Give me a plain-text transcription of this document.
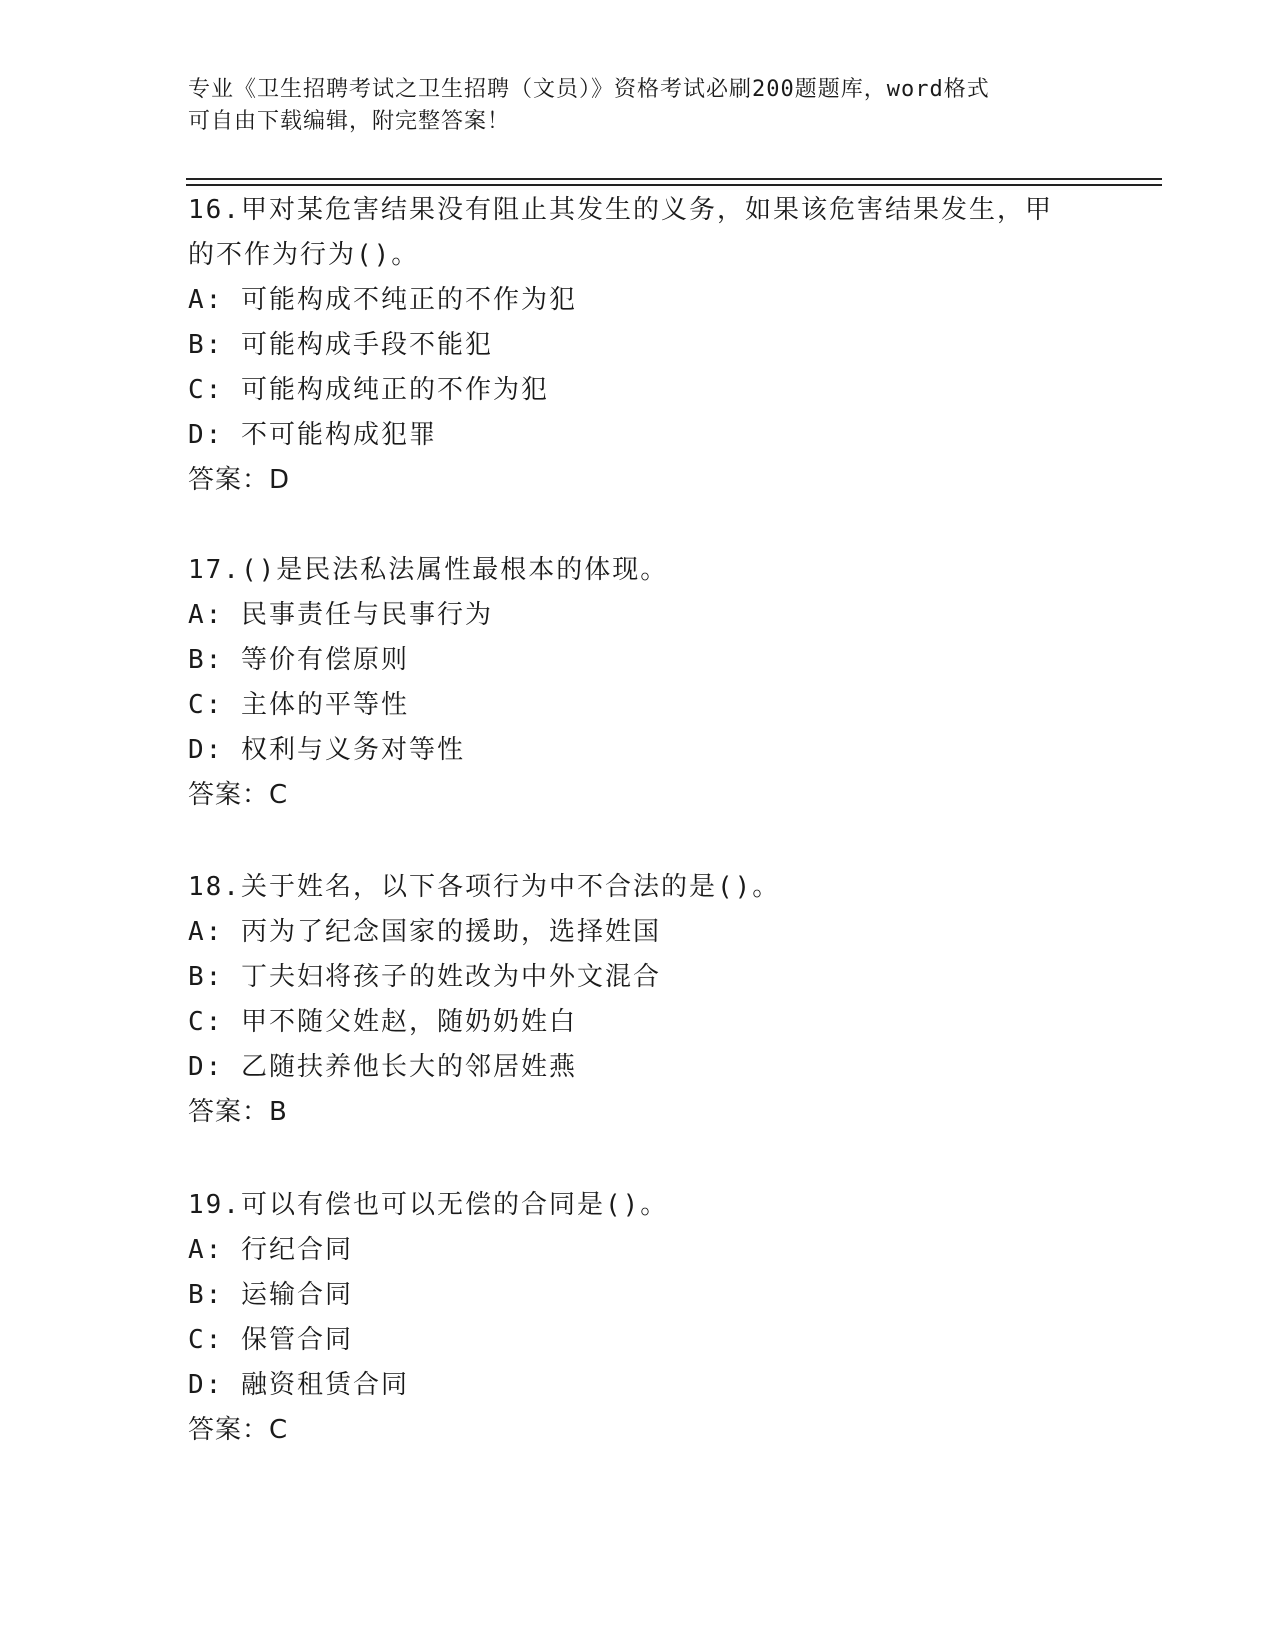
专业《卫生招聘考试之卫生招聘（文员）》资格考试必刷200题题库，word格式
可自由下载编辑，附完整答案！
16.甲对某危害结果没有阻止其发生的义务，如果该危害结果发生，甲
的不作为行为()。
A: 可能构成不纯正的不作为犯
B: 可能构成手段不能犯
C: 可能构成纯正的不作为犯
D: 不可能构成犯罪
答案：D
17.()是民法私法属性最根本的体现。
A: 民事责任与民事行为
B: 等价有偿原则
C: 主体的平等性
D: 权利与义务对等性
答案：C
18.关于姓名，以下各项行为中不合法的是()。
A: 丙为了纪念国家的援助，选择姓国
B: 丁夫妇将孩子的姓改为中外文混合
C: 甲不随父姓赵，随奶奶姓白
D: 乙随扶养他长大的邻居姓燕
答案：B
19.可以有偿也可以无偿的合同是()。
A: 行纪合同
B: 运输合同
C: 保管合同
D: 融资租赁合同
答案：C
